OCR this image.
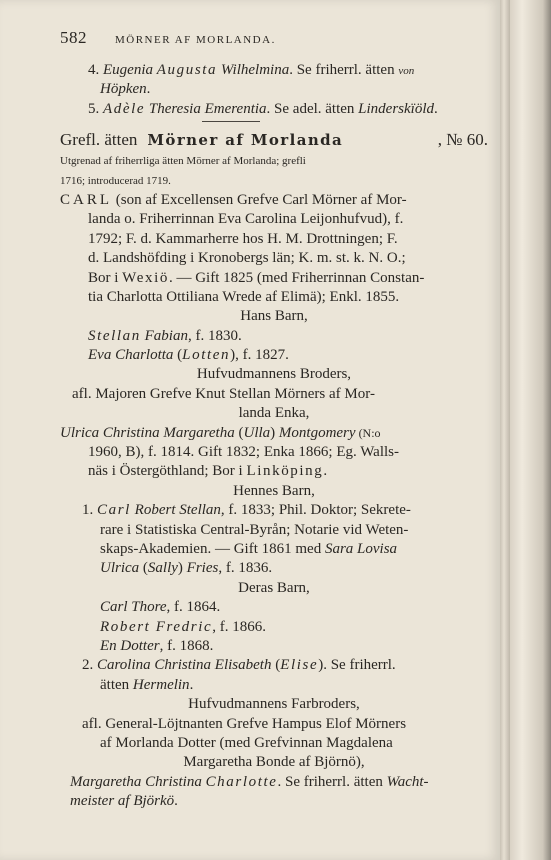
582	MÖRNER AF MORLANDA.
4. Eugenia Augusta Wilhelmina. Se friherrl. ätten von
Höpken.
5. Adèle Theresia Emerentia. Se adel. ätten Linderskïöld.
Grefl. ätten Mörner af Morlanda	, № 60.
Utgrenad af friherrliga ätten Mörner af Morlanda; grefli
1716; introducerad 1719.
CARL (son af Excellensen Grefve Carl Mörner af Mor-
landa o. Friherrinnan Eva Carolina Leijonhufvud), f.
1792; F. d. Kammarherre hos H. M. Drottningen; F.
d. Landshöfding i Kronobergs län; K. m. st. k. N. O.;
Bor i Wexiö. — Gift 1825 (med Friherrinnan Constan-
tia Charlotta Ottiliana Wrede af Elimä); Enkl. 1855.
Hans Barn,
Stellan Fabian, f. 1830.
Eva Charlotta (Lotten), f. 1827.
Hufvudmannens Broders,
afl. Majoren Grefve Knut Stellan Mörners af Mor-
landa Enka,
Ulrica Christina Margaretha (Ulla) Montgomery (N:o
1960, B), f. 1814. Gift 1832; Enka 1866; Eg. Walls-
näs i Östergöthland; Bor i Linköping.
Hennes Barn,
1. Carl Robert Stellan, f. 1833; Phil. Doktor; Sekrete-
rare i Statistiska Central-Byrån; Notarie vid Weten-
skaps-Akademien. — Gift 1861 med Sara Lovisa
Ulrica (Sally) Fries, f. 1836.
Deras Barn,
Carl Thore, f. 1864.
Robert Fredric, f. 1866.
En Dotter, f. 1868.
2. Carolina Christina Elisabeth (Elise). Se friherrl.
ätten Hermelin.
Hufvudmannens Farbroders,
afl. General-Löjtnanten Grefve Hampus Elof Mörners
af Morlanda Dotter (med Grefvinnan Magdalena
Margaretha Bonde af Björnö),
Margaretha Christina Charlotte. Se friherrl. ätten Wacht-
meister af Björkö.
